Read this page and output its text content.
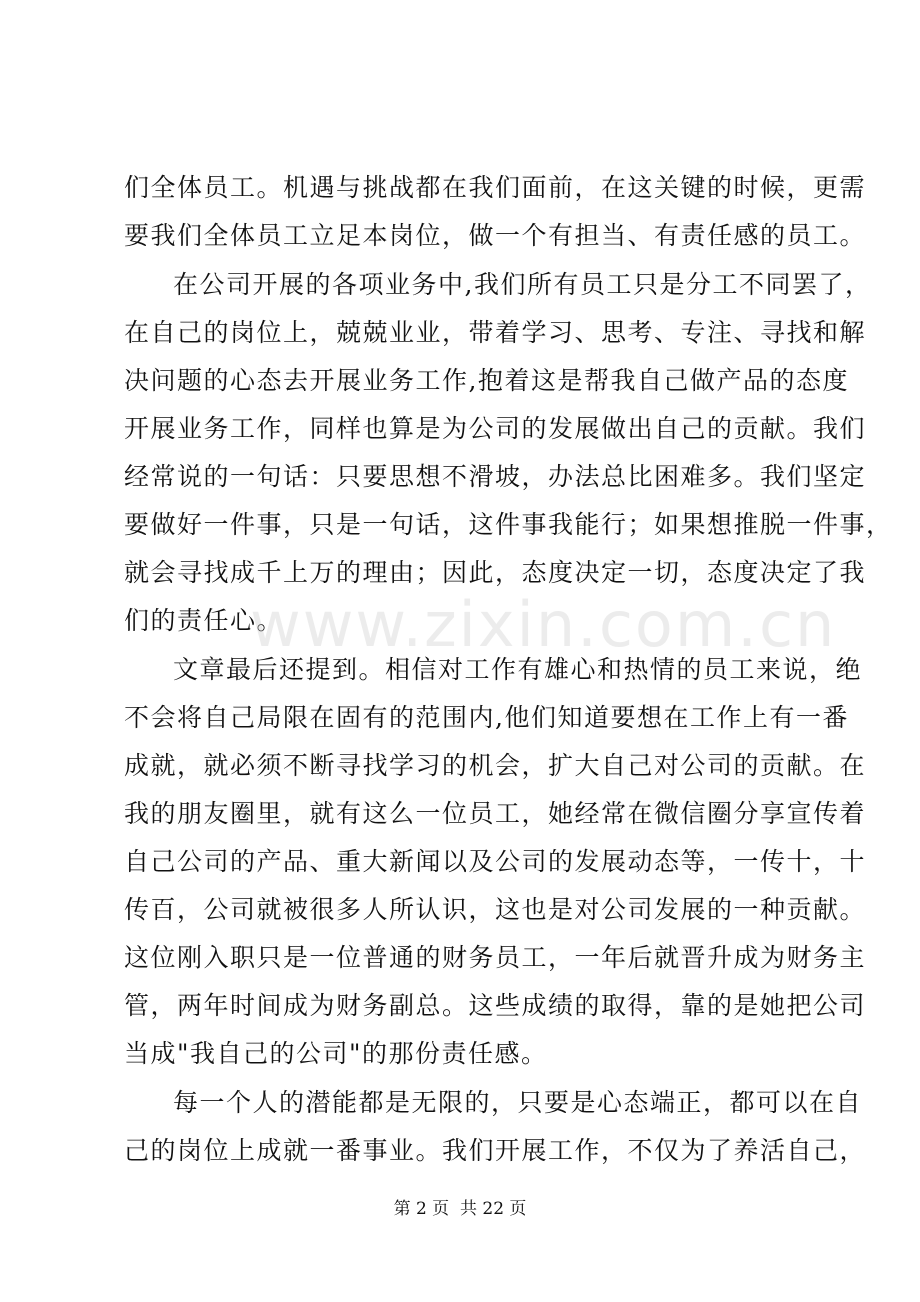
们全体员工。机遇与挑战都在我们面前，在这关键的时候，更需
要我们全体员工立足本岗位，做一个有担当、有责任感的员工。
在公司开展的各项业务中,我们所有员工只是分工不同罢了，
在自己的岗位上，兢兢业业，带着学习、思考、专注、寻找和解
决问题的心态去开展业务工作,抱着这是帮我自己做产品的态度
开展业务工作，同样也算是为公司的发展做出自己的贡献。我们
经常说的一句话：只要思想不滑坡，办法总比困难多。我们坚定
要做好一件事，只是一句话，这件事我能行；如果想推脱一件事，
就会寻找成千上万的理由；因此，态度决定一切，态度决定了我
们的责任心。
www.zixin.com.cn
文章最后还提到。相信对工作有雄心和热情的员工来说，绝
不会将自己局限在固有的范围内,他们知道要想在工作上有一番
成就，就必须不断寻找学习的机会，扩大自己对公司的贡献。在
我的朋友圈里，就有这么一位员工，她经常在微信圈分享宣传着
自己公司的产品、重大新闻以及公司的发展动态等，一传十，十
传百，公司就被很多人所认识，这也是对公司发展的一种贡献。
这位刚入职只是一位普通的财务员工，一年后就晋升成为财务主
管，两年时间成为财务副总。这些成绩的取得，靠的是她把公司
当成"我自己的公司"的那份责任感。
每一个人的潜能都是无限的，只要是心态端正，都可以在自
己的岗位上成就一番事业。我们开展工作，不仅为了养活自己，
第 2 页  共 22 页
